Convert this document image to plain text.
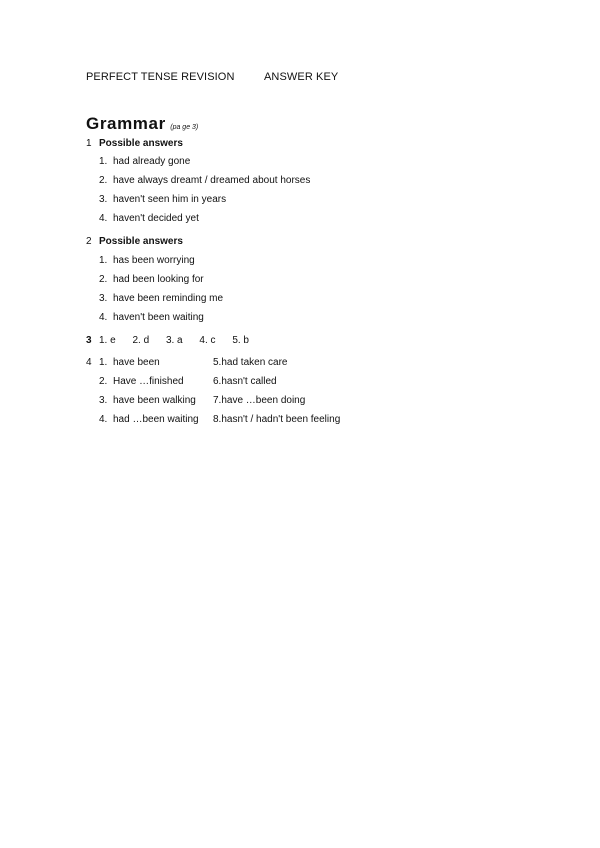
PERFECT TENSE REVISION	ANSWER KEY
Grammar (pa ge 3)
1 Possible answers
1. had already gone
2. have always dreamt / dreamed about horses
3. haven't seen him in years
4. haven't decided yet
2 Possible answers
1. has been worrying
2. had been looking for
3. have been reminding me
4. haven't been waiting
3 1. e 2. d 3. a 4. c 5. b
4 1. have been
2. Have …finished
3. have been walking
4. had …been waiting
5.had taken care
6.hasn't called
7.have …been doing
8.hasn't / hadn't been feeling
